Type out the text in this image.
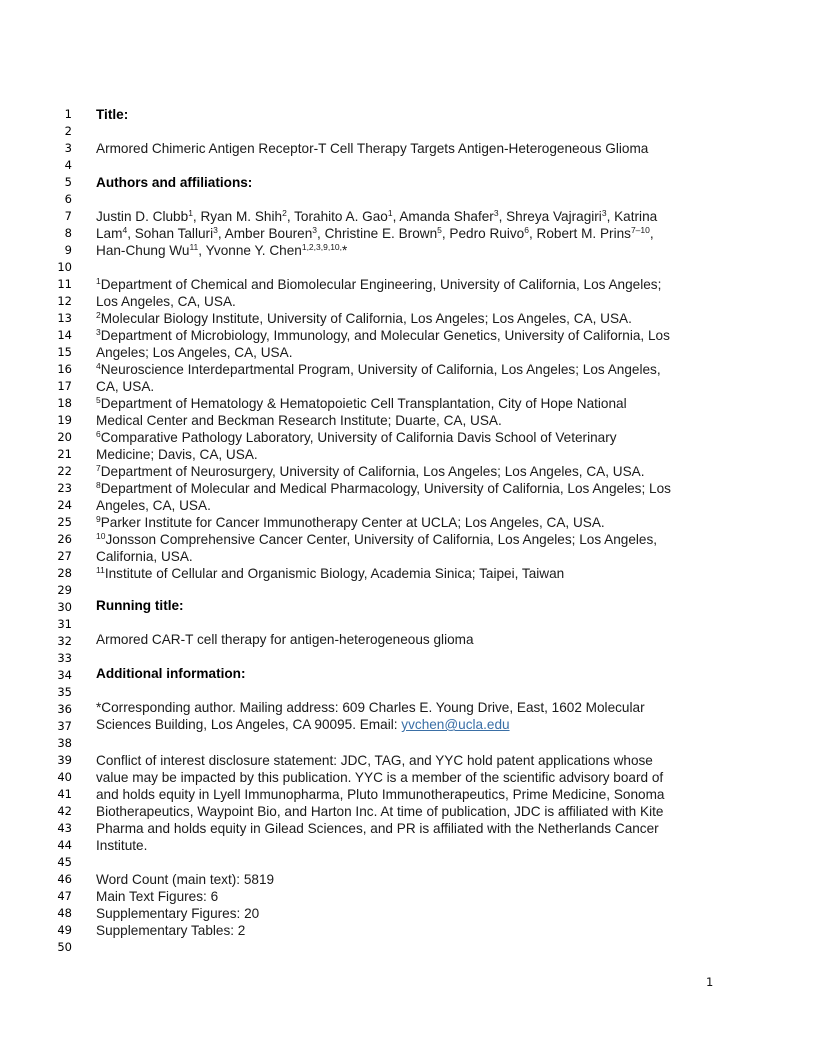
1
2
3
4
5
6
7
8
9
10
11
12
13
14
15
16
17
18
19
20
21
22
23
24
25
26
27
28
29
30
31
32
33
34
35
36
37
38
39
40
41
42
43
44
45
46
47
48
49
50
Title:
Armored Chimeric Antigen Receptor-T Cell Therapy Targets Antigen-Heterogeneous Glioma
Authors and affiliations:
Justin D. Clubb$^1$, Ryan M. Shih$^2$, Torahito A. Gao$^1$, Amanda Shafer$^3$, Shreya Vajragiri$^3$, Katrina
Lam$^4$, Sohan Talluri$^3$, Amber Bouren$^3$, Christine E. Brown$^5$, Pedro Ruivo$^6$, Robert M. Prins$^{7-10}$,
Han-Chung Wu$^{11}$, Yvonne Y. Chen$^{1,2,3,9,10,}$*
$^1$Department of Chemical and Biomolecular Engineering, University of California, Los Angeles;
Los Angeles, CA, USA.
$^2$Molecular Biology Institute, University of California, Los Angeles; Los Angeles, CA, USA.
$^3$Department of Microbiology, Immunology, and Molecular Genetics, University of California, Los
Angeles; Los Angeles, CA, USA.
$^4$Neuroscience Interdepartmental Program, University of California, Los Angeles; Los Angeles,
CA, USA.
$^5$Department of Hematology & Hematopoietic Cell Transplantation, City of Hope National
Medical Center and Beckman Research Institute; Duarte, CA, USA.
$^6$Comparative Pathology Laboratory, University of California Davis School of Veterinary
Medicine; Davis, CA, USA.
$^7$Department of Neurosurgery, University of California, Los Angeles; Los Angeles, CA, USA.
$^8$Department of Molecular and Medical Pharmacology, University of California, Los Angeles; Los
Angeles, CA, USA.
$^9$Parker Institute for Cancer Immunotherapy Center at UCLA; Los Angeles, CA, USA.
$^{10}$Jonsson Comprehensive Cancer Center, University of California, Los Angeles; Los Angeles,
California, USA.
$^{11}$Institute of Cellular and Organismic Biology, Academia Sinica; Taipei, Taiwan
Running title:
Armored CAR-T cell therapy for antigen-heterogeneous glioma
Additional information:
*Corresponding author. Mailing address: 609 Charles E. Young Drive, East, 1602 Molecular
Sciences Building, Los Angeles, CA 90095. Email: yvchen@ucla.edu
Conflict of interest disclosure statement: JDC, TAG, and YYC hold patent applications whose
value may be impacted by this publication. YYC is a member of the scientific advisory board of
and holds equity in Lyell Immunopharma, Pluto Immunotherapeutics, Prime Medicine, Sonoma
Biotherapeutics, Waypoint Bio, and Harton Inc. At time of publication, JDC is affiliated with Kite
Pharma and holds equity in Gilead Sciences, and PR is affiliated with the Netherlands Cancer
Institute.
Word Count (main text): 5819
Main Text Figures: 6
Supplementary Figures: 20
Supplementary Tables: 2
1
